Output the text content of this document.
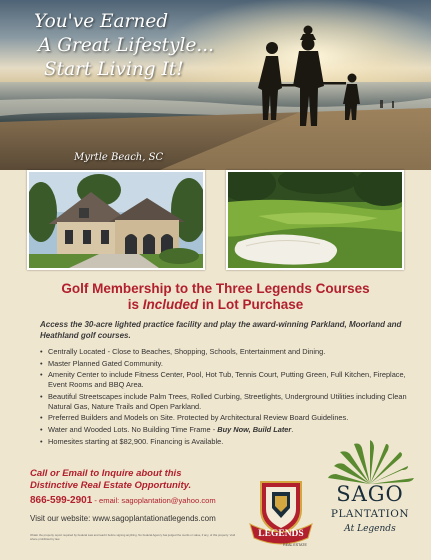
You've Earned
A Great Lifestyle...
Start Living It!
Myrtle Beach, SC
Golf Membership to the Three Legends Courses
is Included in Lot Purchase
Access the 30-acre lighted practice facility and play the award-winning Parkland, Moorland and Heathland golf courses.
• Centrally Located - Close to Beaches, Shopping, Schools, Entertainment and Dining.
• Master Planned Gated Community.
• Amenity Center to include Fitness Center, Pool, Hot Tub, Tennis Court, Putting Green, Full Kitchen, Fireplace, Event Rooms and BBQ Area.
• Beautiful Streetscapes include Palm Trees, Rolled Curbing, Streetlights, Underground Utilities including Clean Natural Gas, Nature Trails and Open Parkland.
• Preferred Builders and Models on Site. Protected by Architectural Review Board Guidelines.
• Water and Wooded Lots. No Building Time Frame - Buy Now, Build Later.
• Homesites starting at $82,900. Financing is Available.
Call or Email to Inquire about this
Distinctive Real Estate Opportunity.
866-599-2901 - email: sagoplantation@yahoo.com
Visit our website: www.sagoplantationatlegends.com
Obtain the property report required by Federal Law and read it before signing anything. No Federal Agency has judged the merits or value, if any, of this property. Void where prohibited by law.	LEGENDS
REAL ESTATE
SAGO
PLANTATION
At Legends
